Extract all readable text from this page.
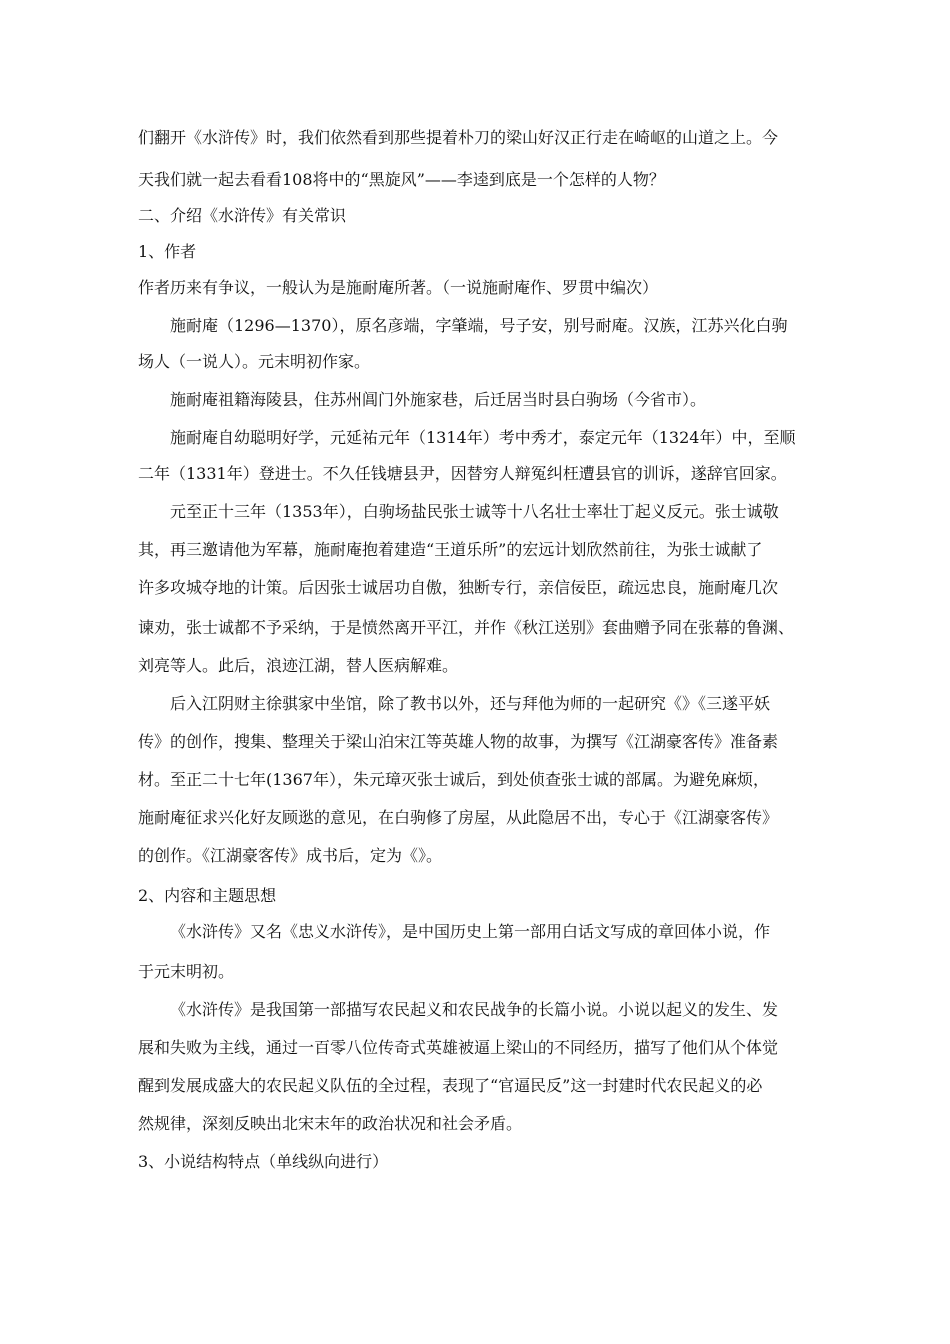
们翻开《水浒传》时，我们依然看到那些提着朴刀的梁山好汉正行走在崎岖的山道之上。今

天我们就一起去看看108将中的“黑旋风”——李逵到底是一个怎样的人物？

二、介绍《水浒传》有关常识

1、作者

作者历来有争议，一般认为是施耐庵所著。（一说施耐庵作、罗贯中编次）

施耐庵（1296—1370），原名彦端，字肇端，号子安，别号耐庵。汉族，江苏兴化白驹

场人（一说人）。元末明初作家。

施耐庵祖籍海陵县，住苏州阊门外施家巷，后迁居当时县白驹场（今省市）。

施耐庵自幼聪明好学，元延祐元年（1314年）考中秀才，泰定元年（1324年）中，至顺

二年（1331年）登进士。不久任钱塘县尹，因替穷人辩冤纠枉遭县官的训诉，遂辞官回家。

元至正十三年（1353年），白驹场盐民张士诚等十八名壮士率壮丁起义反元。张士诚敬

其，再三邀请他为军幕，施耐庵抱着建造“王道乐所”的宏远计划欣然前往，为张士诚献了

许多攻城夺地的计策。后因张士诚居功自傲，独断专行，亲信佞臣，疏远忠良，施耐庵几次

谏劝，张士诚都不予采纳，于是愤然离开平江，并作《秋江送别》套曲赠予同在张幕的鲁渊、

刘亮等人。此后，浪迹江湖，替人医病解难。

后入江阴财主徐骐家中坐馆，除了教书以外，还与拜他为师的一起研究《》《三遂平妖

传》的创作，搜集、整理关于梁山泊宋江等英雄人物的故事，为撰写《江湖豪客传》准备素

材。至正二十七年(1367年），朱元璋灭张士诚后，到处侦查张士诚的部属。为避免麻烦，

施耐庵征求兴化好友顾逖的意见，在白驹修了房屋，从此隐居不出，专心于《江湖豪客传》

的创作。《江湖豪客传》成书后，定为《》。

2、内容和主题思想

《水浒传》又名《忠义水浒传》，是中国历史上第一部用白话文写成的章回体小说，作

于元末明初。

《水浒传》是我国第一部描写农民起义和农民战争的长篇小说。小说以起义的发生、发

展和失败为主线，通过一百零八位传奇式英雄被逼上梁山的不同经历，描写了他们从个体觉

醒到发展成盛大的农民起义队伍的全过程，表现了“官逼民反”这一封建时代农民起义的必

然规律，深刻反映出北宋末年的政治状况和社会矛盾。

3、小说结构特点（单线纵向进行）
